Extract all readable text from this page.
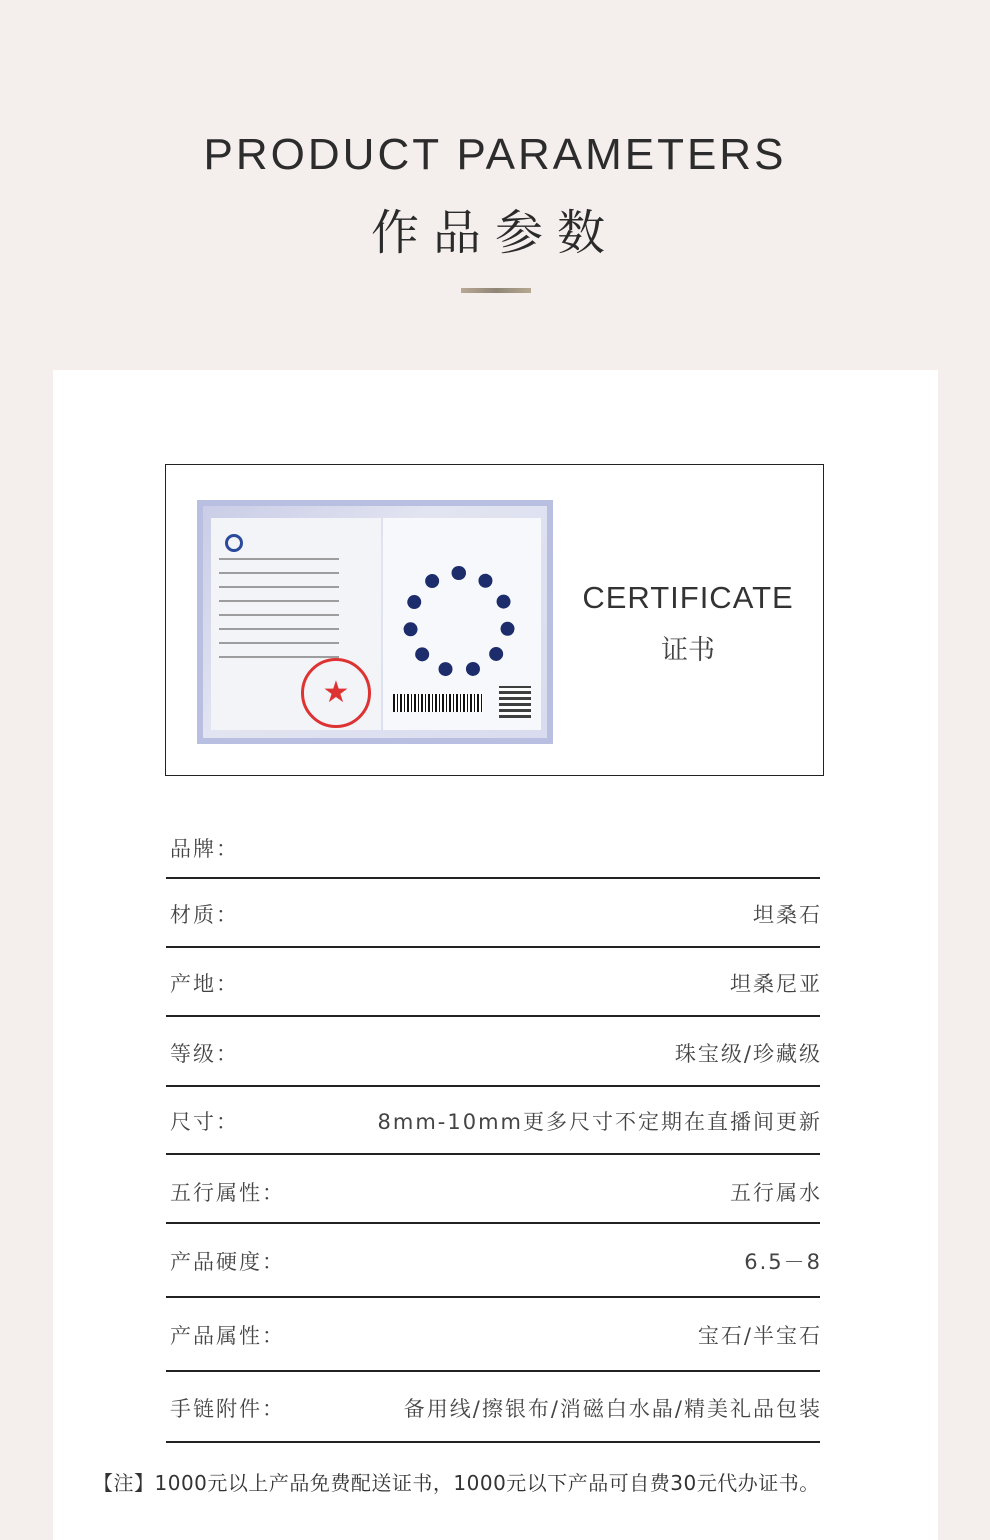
PRODUCT PARAMETERS
作品参数
★
CERTIFICATE
证书
品牌：
材质：	坦桑石
产地：	坦桑尼亚
等级：	珠宝级/珍藏级
尺寸：	8mm-10mm更多尺寸不定期在直播间更新
五行属性：	五行属水
产品硬度：	6.5－8
产品属性：	宝石/半宝石
手链附件：	备用线/擦银布/消磁白水晶/精美礼品包装
【注】1000元以上产品免费配送证书，1000元以下产品可自费30元代办证书。
